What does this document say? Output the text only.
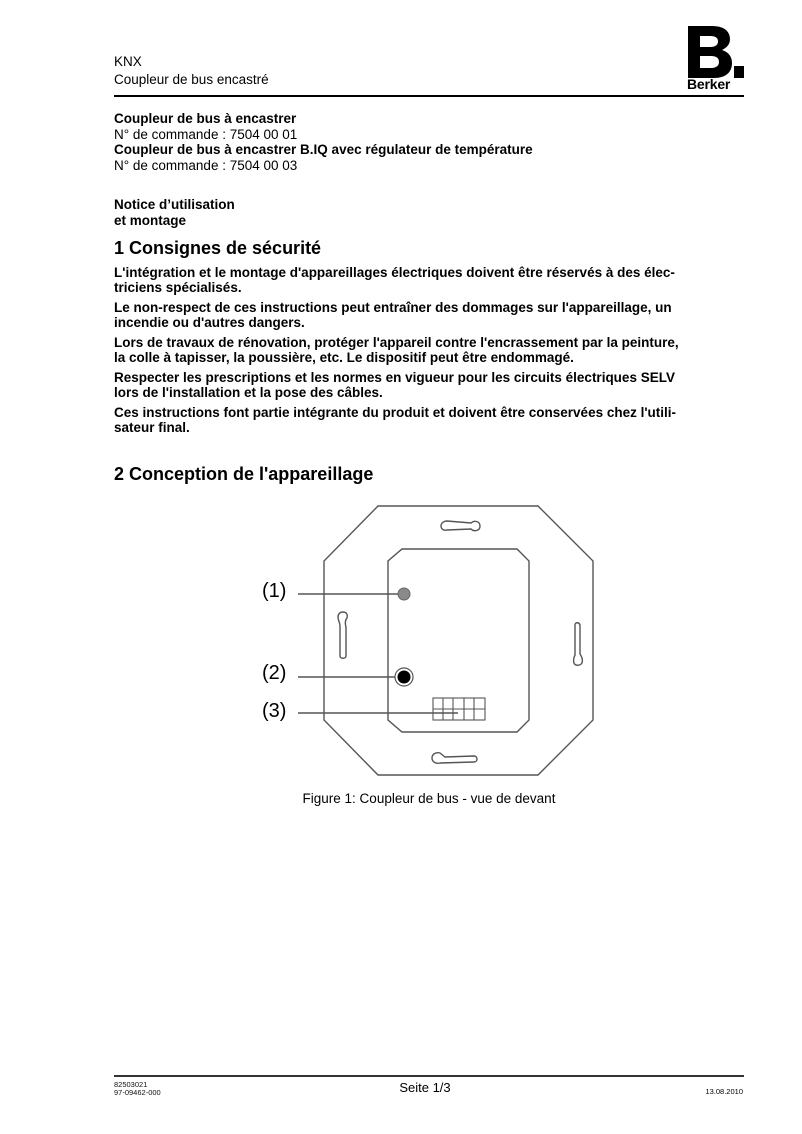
KNX
Coupleur de bus encastré	Berker
Coupleur de bus à encastrer
N° de commande : 7504 00 01
Coupleur de bus à encastrer B.IQ avec régulateur de température
N° de commande : 7504 00 03
Notice d’utilisation
et montage
1 Consignes de sécurité

L'intégration et le montage d'appareillages électriques doivent être réservés à des élec-
triciens spécialisés.

Le non-respect de ces instructions peut entraîner des dommages sur l'appareillage, un
incendie ou d'autres dangers.

Lors de travaux de rénovation, protéger l'appareil contre l'encrassement par la peinture,
la colle à tapisser, la poussière, etc. Le dispositif peut être endommagé.

Respecter les prescriptions et les normes en vigueur pour les circuits électriques SELV
lors de l'installation et la pose des câbles.

Ces instructions font partie intégrante du produit et doivent être conservées chez l'utili-
sateur final.

2 Conception de l'appareillage
(1)
(2)
(3)
Figure 1: Coupleur de bus - vue de devant
82503021
97-09462-000	Seite 1/3	13.08.2010
